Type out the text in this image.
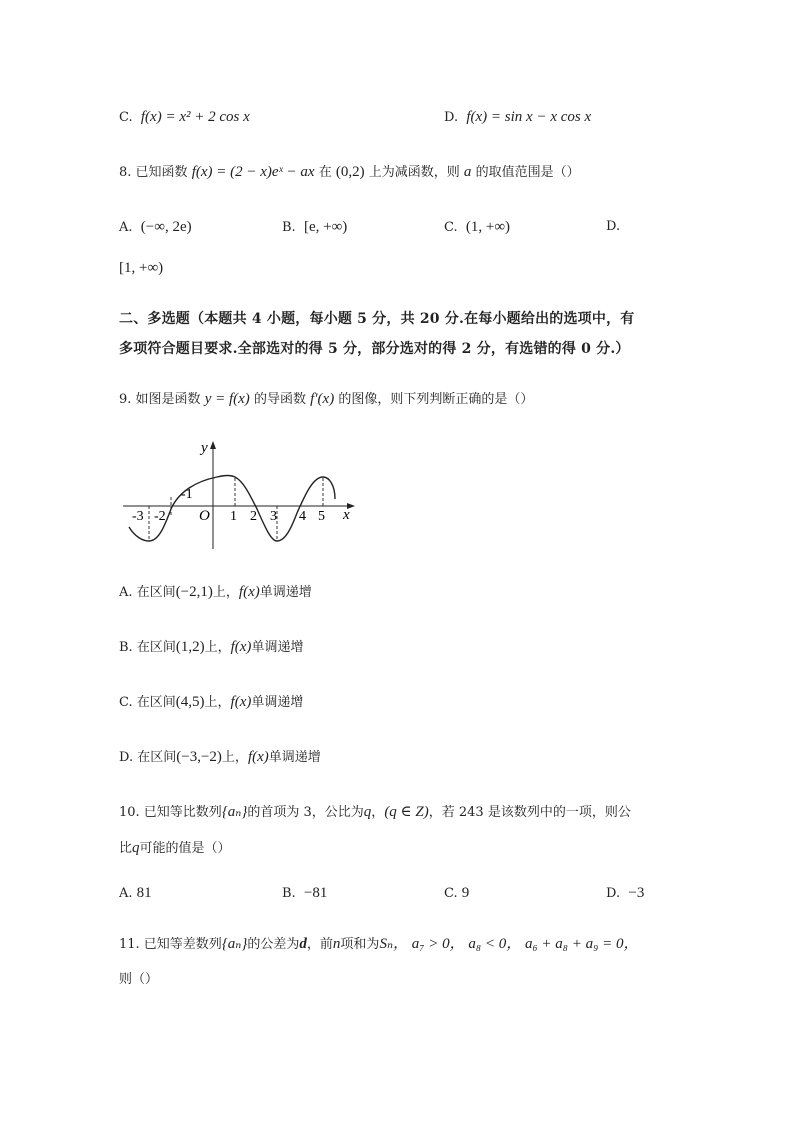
C. f(x) = x² + 2 cos x	D. f(x) = sin x − x cos x
8. 已知函数 f(x) = (2 − x)eˣ − ax 在 (0,2) 上为减函数，则 a 的取值范围是（）
A. (−∞, 2e)	B. [e, +∞)	C. (1, +∞)	D.
[1, +∞)
二、多选题（本题共 4 小题，每小题 5 分，共 20 分.在每小题给出的选项中，有
多项符合题目要求.全部选对的得 5 分，部分选对的得 2 分，有选错的得 0 分.）
9. 如图是函数 y = f(x) 的导函数 f′(x) 的图像，则下列判断正确的是（）
y
x
O
-1
-3 -2	1 2 3 4 5
A. 在区间(−2,1)上，f(x)单调递增
B. 在区间(1,2)上，f(x)单调递增
C. 在区间(4,5)上，f(x)单调递增
D. 在区间(−3,−2)上，f(x)单调递增
10. 已知等比数列{aₙ}的首项为 3，公比为q，(q ∈ Z)，若 243 是该数列中的一项，则公
比q可能的值是（）
A. 81	B. −81	C. 9	D. −3
11. 已知等差数列{aₙ}的公差为d，前n项和为Sₙ， a₇ > 0， a₈ < 0， a₆ + a₈ + a₉ = 0，
则（）
